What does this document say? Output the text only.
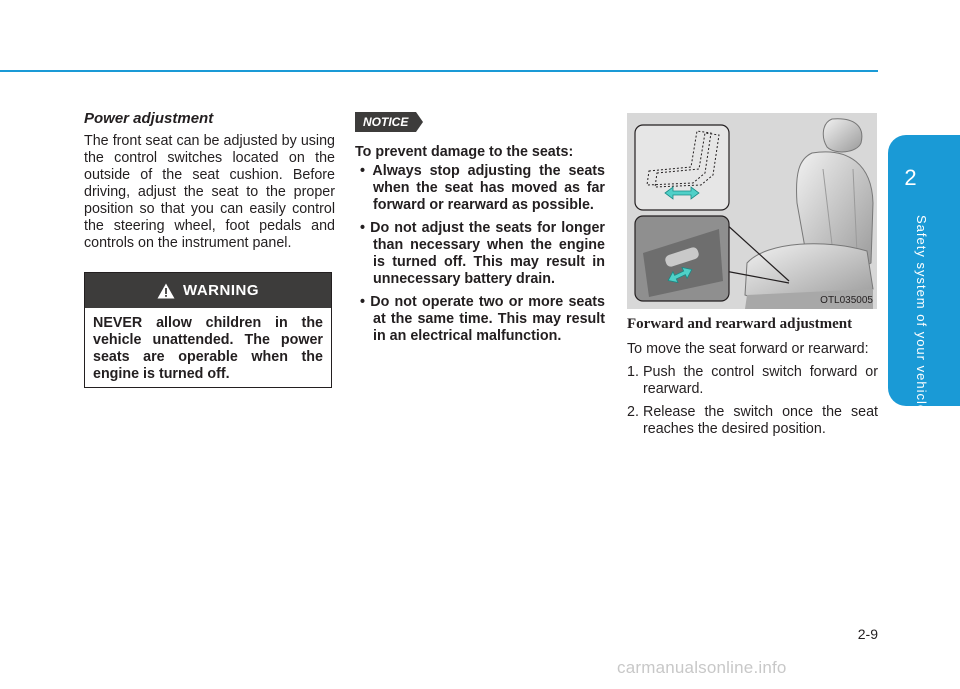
2
Safety system of your vehicle

Power adjustment

The front seat can be adjusted by using the control switches located on the outside of the seat cushion. Before driving, adjust the seat to the proper position so that you can easily control the steering wheel, foot pedals and controls on the instrument panel.

WARNING
NEVER allow children in the vehicle unattended. The power seats are operable when the engine is turned off.
NOTICE

To prevent damage to the seats:

• Always stop adjusting the seats when the seat has moved as far forward or rearward as possible.
• Do not adjust the seats for longer than necessary when the engine is turned off. This may result in unnecessary battery drain.
• Do not operate two or more seats at the same time. This may result in an electrical malfunction.
OTL035005

Forward and rearward adjustment

To move the seat forward or rearward:

1. Push the control switch forward or rearward.
2. Release the switch once the seat reaches the desired position.
2-9
carmanualsonline.info
